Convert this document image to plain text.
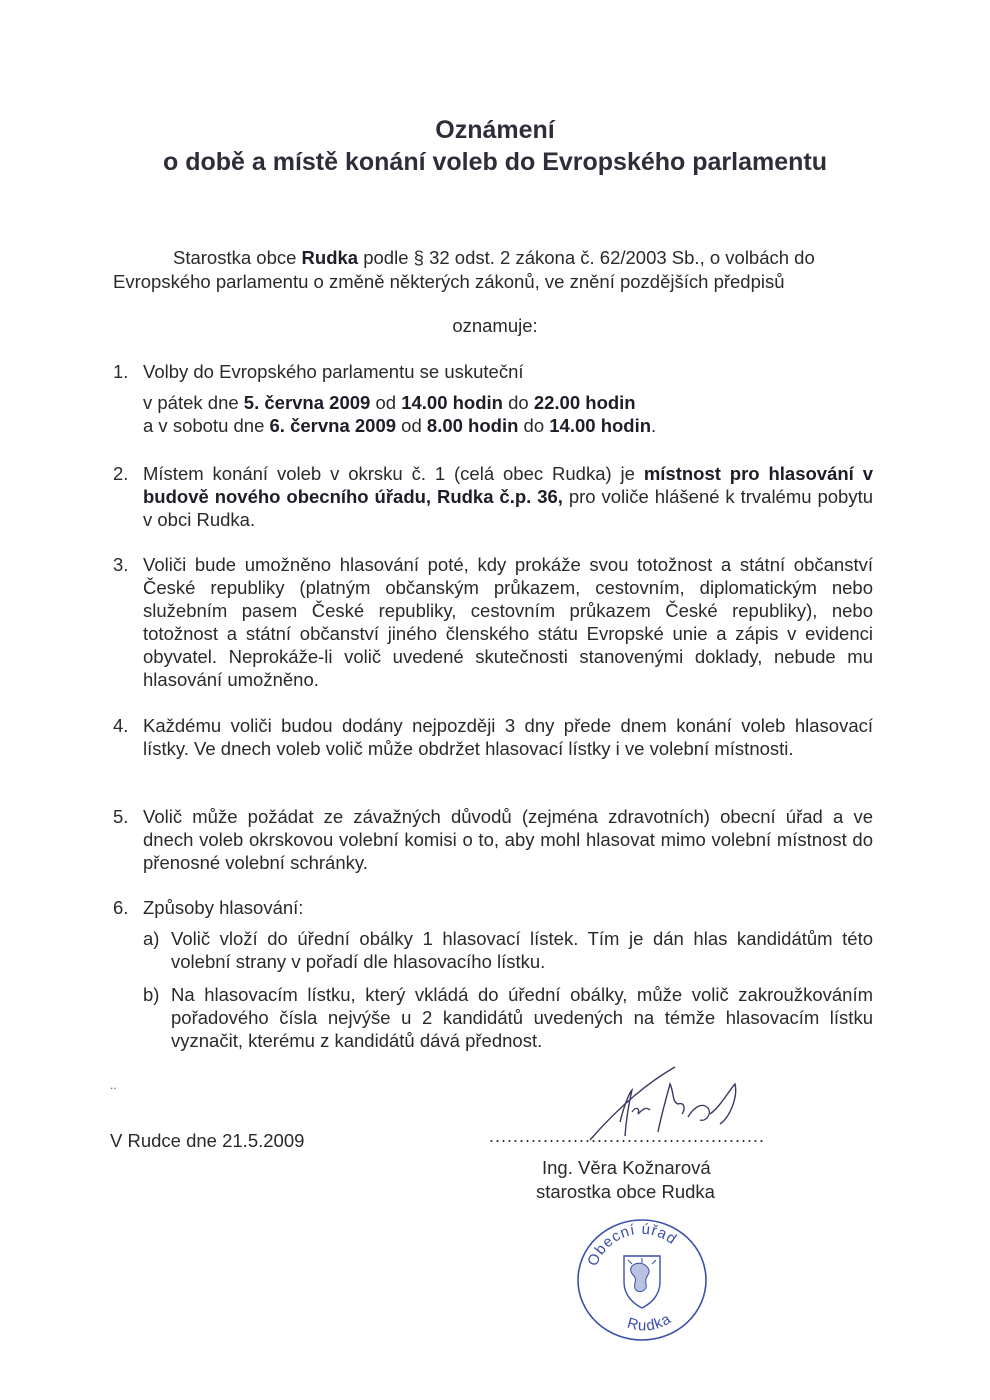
Oznámení
o době a místě konání voleb do Evropského parlamentu
Starostka obce Rudka podle § 32 odst. 2 zákona č. 62/2003 Sb., o volbách do
Evropského parlamentu o změně některých zákonů, ve znění pozdějších předpisů
oznamuje:
1. Volby do Evropského parlamentu se uskuteční
v pátek dne 5. června 2009 od 14.00 hodin do 22.00 hodin
a v sobotu dne 6. června 2009 od 8.00 hodin do 14.00 hodin.
2. Místem konání voleb v okrsku č. 1 (celá obec Rudka) je místnost pro hlasování v budově nového obecního úřadu, Rudka č.p. 36, pro voliče hlášené k trvalému pobytu v obci Rudka.
3. Voliči bude umožněno hlasování poté, kdy prokáže svou totožnost a státní občanství České republiky (platným občanským průkazem, cestovním, diplomatickým nebo služebním pasem České republiky, cestovním průkazem České republiky), nebo totožnost a státní občanství jiného členského státu Evropské unie a zápis v evidenci obyvatel. Neprokáže-li volič uvedené skutečnosti stanovenými doklady, nebude mu hlasování umožněno.
4. Každému voliči budou dodány nejpozději 3 dny přede dnem konání voleb hlasovací lístky. Ve dnech voleb volič může obdržet hlasovací lístky i ve volební místnosti.
5. Volič může požádat ze závažných důvodů (zejména zdravotních) obecní úřad a ve dnech voleb okrskovou volební komisi o to, aby mohl hlasovat mimo volební místnost do přenosné volební schránky.
6. Způsoby hlasování:
a) Volič vloží do úřední obálky 1 hlasovací lístek. Tím je dán hlas kandidátům této volební strany v pořadí dle hlasovacího lístku.
b) Na hlasovacím lístku, který vkládá do úřední obálky, může volič zakroužkováním pořadového čísla nejvýše u 2 kandidátů uvedených na témže hlasovacím lístku vyznačit, kterému z kandidátů dává přednost.
..
V Rudce dne 21.5.2009	..............................................
Ing. Věra Kožnarová
starostka obce Rudka
Obecní úřad
Rudka
